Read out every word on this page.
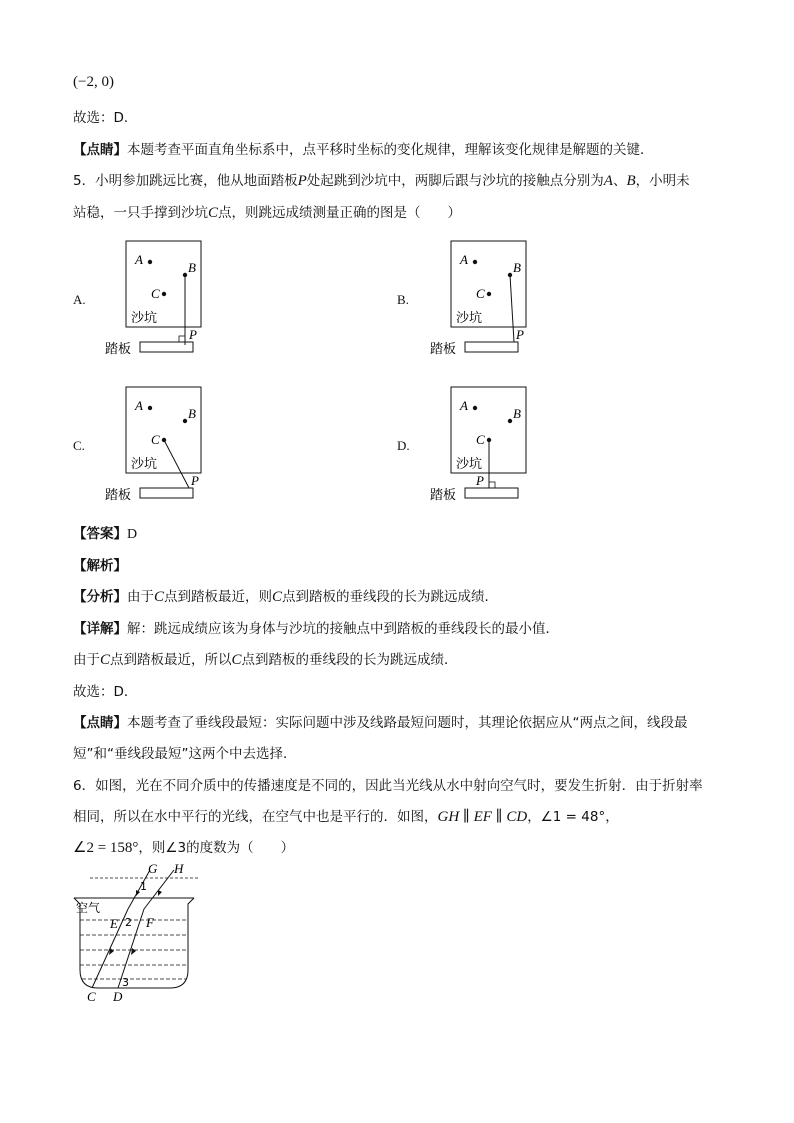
(−2, 0)
故选：D．
【点睛】本题考查平面直角坐标系中，点平移时坐标的变化规律，理解该变化规律是解题的关键．
5．小明参加跳远比赛，他从地面踏板P处起跳到沙坑中，两脚后跟与沙坑的接触点分别为A、B，小明未
站稳，一只手撑到沙坑C点，则跳远成绩测量正确的图是（　　）
A.	B.
C.	D.
A
B
C
沙坑
P
踏板
A
B
C
沙坑
P
踏板
A
B
C
沙坑
P
踏板
A
B
C
沙坑
P
踏板
【答案】D
【解析】
【分析】由于C点到踏板最近，则C点到踏板的垂线段的长为跳远成绩．
【详解】解：跳远成绩应该为身体与沙坑的接触点中到踏板的垂线段长的最小值．
由于C点到踏板最近，所以C点到踏板的垂线段的长为跳远成绩．
故选：D．
【点睛】本题考查了垂线段最短：实际问题中涉及线路最短问题时，其理论依据应从“两点之间，线段最
短”和“垂线段最短”这两个中去选择．
6．如图，光在不同介质中的传播速度是不同的，因此当光线从水中射向空气时，要发生折射．由于折射率
相同，所以在水中平行的光线，在空气中也是平行的．如图，GH ∥ EF ∥ CD，∠1 = 48°，
∠2 = 158°，则∠3的度数为（　　）
G H
1
空气
E 2 F
3
C D
